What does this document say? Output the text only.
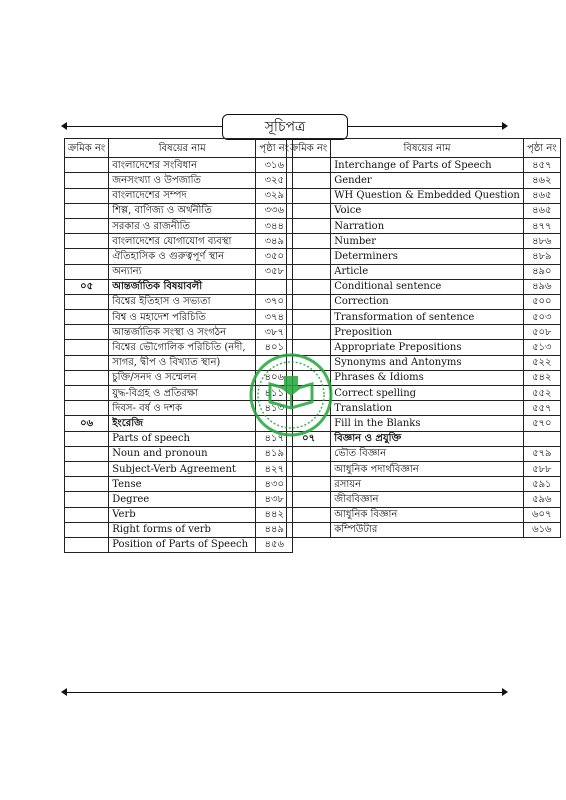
সূচিপত্র
ক্রমিক নং	বিষয়ের নাম	পৃষ্ঠা নং
	বাংলাদেশের সংবিধান	৩১৬
	জনসংখ্যা ও উপজাতি	৩২৫
	বাংলাদেশের সম্পদ	৩২৯
	শিল্প, বাণিজ্য ও অর্থনীতি	৩৩৬
	সরকার ও রাজনীতি	৩৪৪
	বাংলাদেশের যোগাযোগ ব্যবস্থা	৩৪৯
	ঐতিহাসিক ও গুরুত্বপূর্ণ স্থান	৩৫০
	অন্যান্য	৩৫৮
০৫	আন্তর্জাতিক বিষয়াবলী	
	বিশ্বের ইতিহাস ও সভ্যতা	৩৭০
	বিশ্ব ও মহাদেশ পরিচিতি	৩৭৪
	আন্তর্জাতিক সংস্থা ও সংগঠন	৩৮৭
	বিশ্বের ভৌগোলিক পরিচিতি (নদী,	৪০১
	সাগর, দ্বীপ ও বিখ্যাত স্থান)	
	চুক্তি/সনদ ও সম্মেলন	৪০৬
	যুদ্ধ-বিগ্রহ ও প্রতিরক্ষা	৪১১
	দিবস- বর্ষ ও দশক	৪১৩
০৬	ইংরেজি	
	Parts of speech	৪১৭
	Noun and pronoun	৪১৯
	Subject-Verb Agreement	৪২৭
	Tense	৪৩০
	Degree	৪৩৮
	Verb	৪৪২
	Right forms of verb	৪৪৯
	Position of Parts of Speech	৪৫৬
ক্রমিক নং	বিষয়ের নাম	পৃষ্ঠা নং
	Interchange of Parts of Speech	৪৫৭
	Gender	৪৬২
	WH Question & Embedded Question	৪৬৫
	Voice	৪৬৫
	Narration	৪৭৭
	Number	৪৮৬
	Determiners	৪৮৯
	Article	৪৯০
	Conditional sentence	৪৯৬
	Correction	৫০০
	Transformation of sentence	৫০৩
	Preposition	৫০৮
	Appropriate Prepositions	৫১৩
	Synonyms and Antonyms	৫২২
	Phrases & Idioms	৫৪২
	Correct spelling	৫৫২
	Translation	৫৫৭
	Fill in the Blanks	৫৭০
০৭	বিজ্ঞান ও প্রযুক্তি	
	ভৌত বিজ্ঞান	৫৭৯
	আধুনিক পদার্থবিজ্ঞান	৫৮৮
	রসায়ন	৫৯১
	জীববিজ্ঞান	৫৯৬
	আধুনিক বিজ্ঞান	৬০৭
	কম্পিউটার	৬১৬
